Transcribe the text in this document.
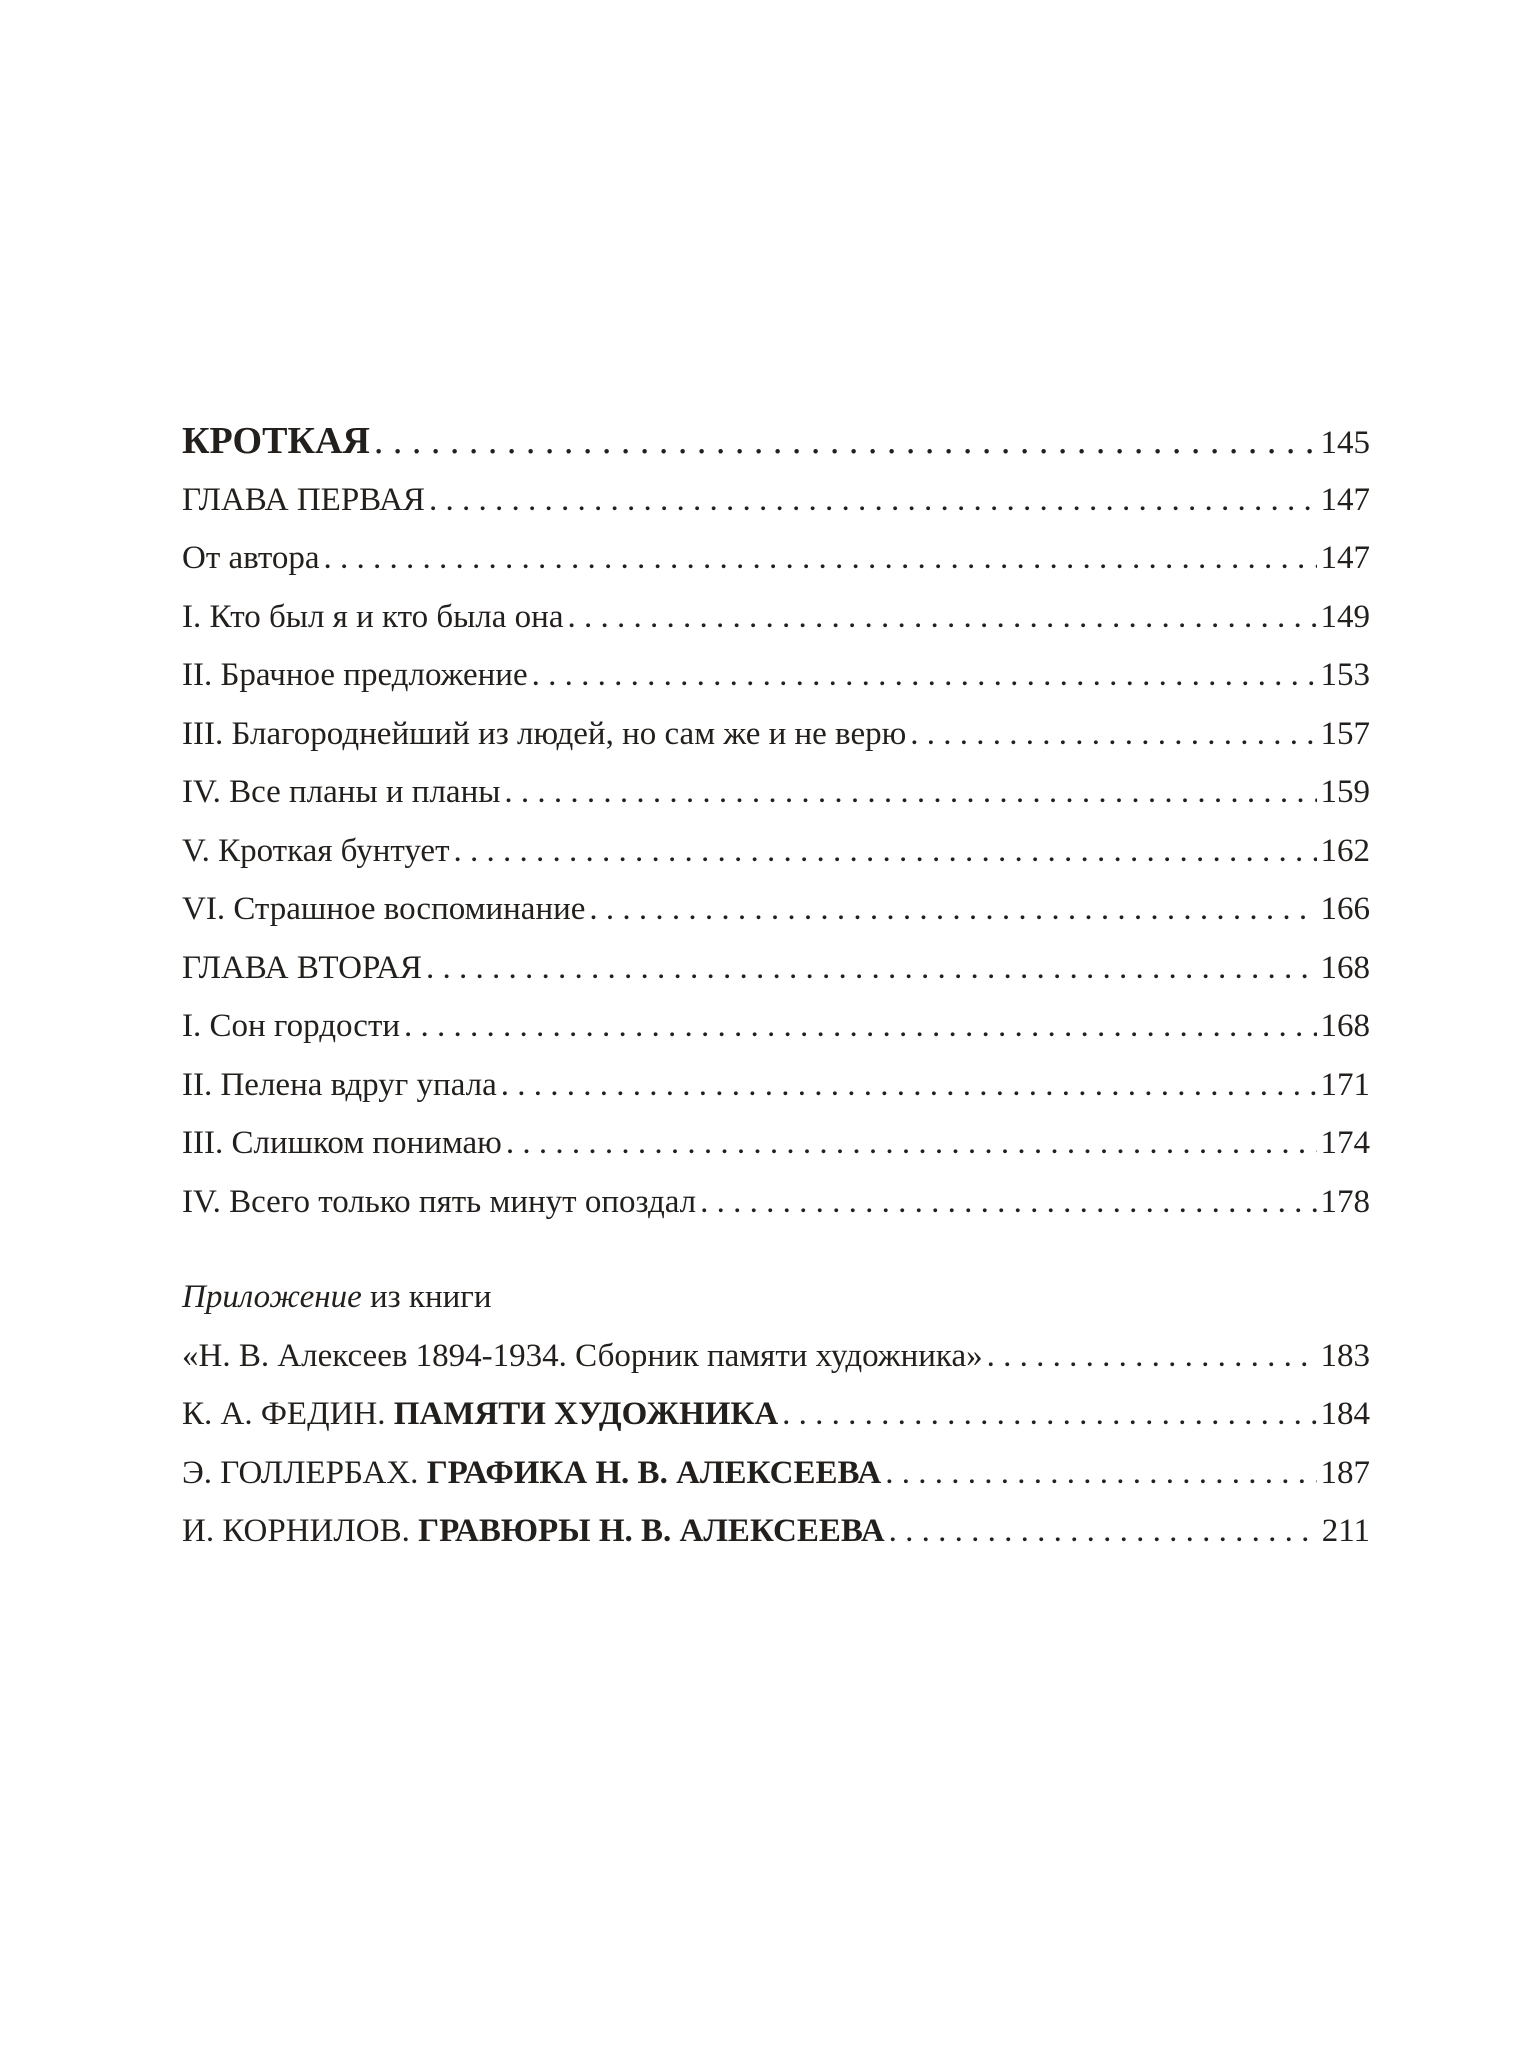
КРОТКАЯ . . .	145
ГЛАВА ПЕРВАЯ . . .	147
От автора . . .	147
I. Кто был я и кто была она . . .	149
II. Брачное предложение . . .	153
III. Благороднейший из людей, но сам же и не верю . . .	157
IV. Все планы и планы . . .	159
V. Кроткая бунтует . . .	162
VI. Страшное воспоминание . . .	166
ГЛАВА ВТОРАЯ . . .	168
I. Сон гордости . . .	168
II. Пелена вдруг упала . . .	171
III. Слишком понимаю . . .	174
IV. Всего только пять минут опоздал . . .	178
Приложение из книги
«Н. В. Алексеев 1894-1934. Сборник памяти художника» . . .	183
К. А. ФЕДИН. ПАМЯТИ ХУДОЖНИКА . . .	184
Э. ГОЛЛЕРБАХ. ГРАФИКА Н. В. АЛЕКСЕЕВА . . .	187
И. КОРНИЛОВ. ГРАВЮРЫ Н. В. АЛЕКСЕЕВА . . .	211
